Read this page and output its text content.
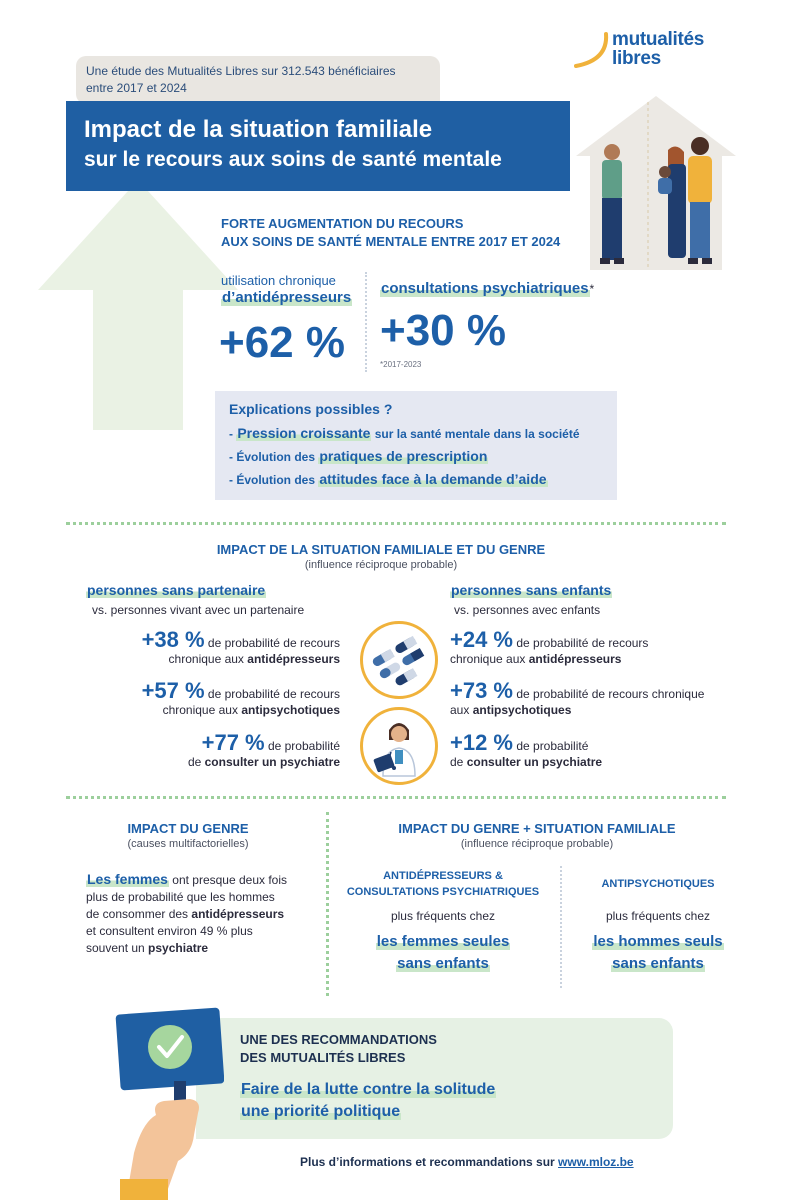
Une étude des Mutualités Libres sur 312.543 bénéficiaires
entre 2017 et 2024
Impact de la situation familiale
sur le recours aux soins de santé mentale
mutualités
libres
FORTE AUGMENTATION DU RECOURS
AUX SOINS DE SANTÉ MENTALE ENTRE 2017 ET 2024
utilisation chronique
d’antidépresseurs
+62 %
consultations psychiatriques*
+30 %
*2017-2023
Explications possibles ?
- Pression croissante sur la santé mentale dans la société
- Évolution des pratiques de prescription
- Évolution des attitudes face à la demande d’aide
IMPACT DE LA SITUATION FAMILIALE ET DU GENRE
(influence réciproque probable)
personnes sans partenaire
vs. personnes vivant avec un partenaire
+38 % de probabilité de recours
chronique aux antidépresseurs
+57 % de probabilité de recours
chronique aux antipsychotiques
+77 % de probabilité
de consulter un psychiatre
personnes sans enfants
vs. personnes avec enfants
+24 % de probabilité de recours
chronique aux antidépresseurs
+73 % de probabilité de recours chronique
aux antipsychotiques
+12 % de probabilité
de consulter un psychiatre
IMPACT DU GENRE
(causes multifactorielles)
Les femmes ont presque deux fois
plus de probabilité que les hommes
de consommer des antidépresseurs
et consultent environ 49 % plus
souvent un psychiatre
IMPACT DU GENRE + SITUATION FAMILIALE
(influence réciproque probable)
ANTIDÉPRESSEURS &
CONSULTATIONS PSYCHIATRIQUES
plus fréquents chez
les femmes seules
sans enfants
ANTIPSYCHOTIQUES
plus fréquents chez
les hommes seuls
sans enfants
UNE DES RECOMMANDATIONS
DES MUTUALITÉS LIBRES
Faire de la lutte contre la solitude
une priorité politique
Plus d’informations et recommandations sur www.mloz.be
